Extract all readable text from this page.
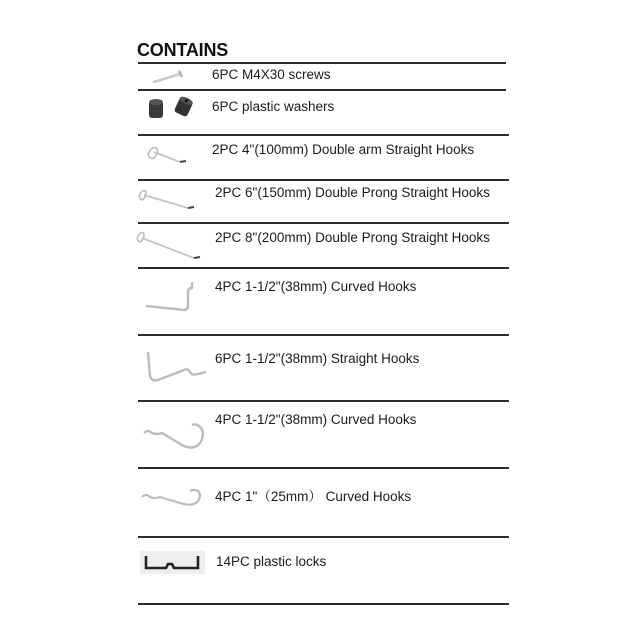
CONTAINS
6PC M4X30 screws
6PC plastic washers
2PC 4"(100mm) Double arm Straight Hooks
2PC 6"(150mm) Double Prong Straight Hooks
2PC 8"(200mm) Double Prong Straight Hooks
4PC 1-1/2"(38mm) Curved Hooks
6PC 1-1/2"(38mm) Straight Hooks
4PC 1-1/2"(38mm) Curved Hooks
4PC 1"（25mm） Curved Hooks
14PC plastic locks
